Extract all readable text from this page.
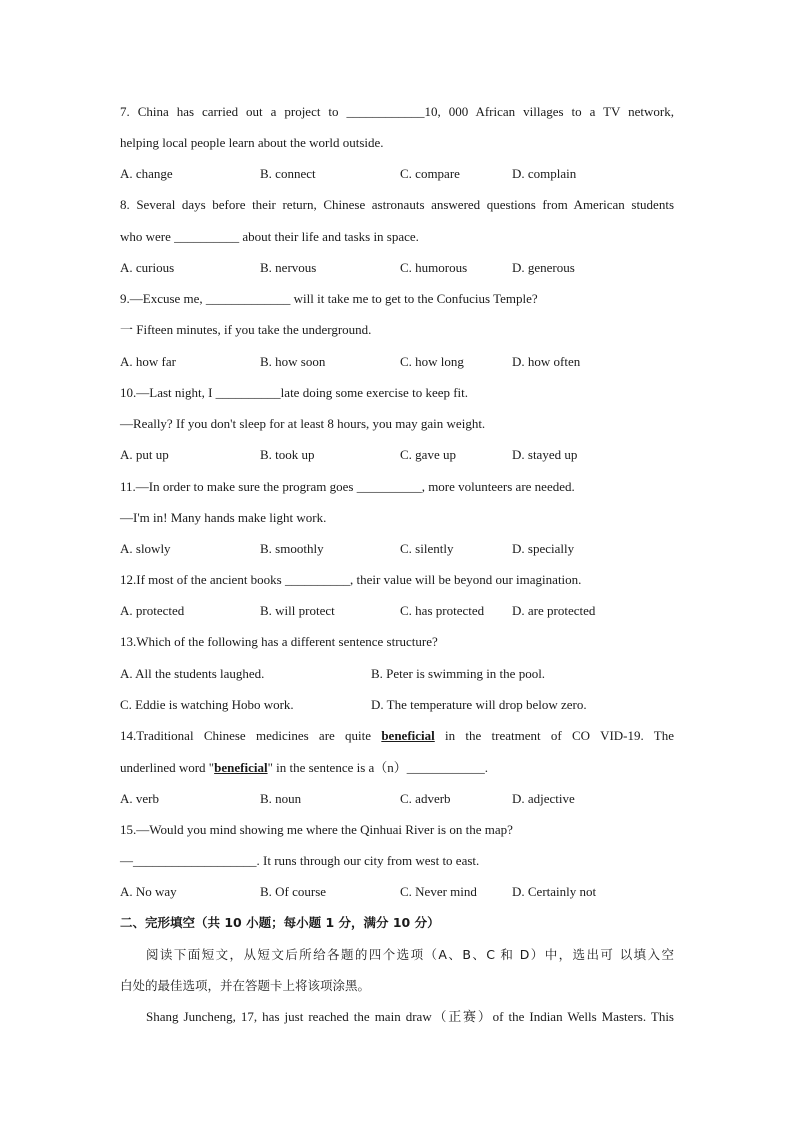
7. China has carried out a project to ____________10, 000 African villages to a TV network,
helping local people learn about the world outside.
A. change	B. connect	C. compare	D. complain
8. Several days before their return, Chinese astronauts answered questions from American students
who were __________ about their life and tasks in space.
A. curious	B. nervous	C. humorous	D. generous
9.—Excuse me, _____________ will it take me to get to the Confucius Temple?
一 Fifteen minutes, if you take the underground.
A. how far	B. how soon	C. how long	D. how often
10.—Last night, I __________late doing some exercise to keep fit.
—Really? If you don't sleep for at least 8 hours, you may gain weight.
A. put up	B. took up	C. gave up	D. stayed up
11.—In order to make sure the program goes __________, more volunteers are needed.
—I'm in! Many hands make light work.
A. slowly	B. smoothly	C. silently	D. specially
12.If most of the ancient books __________, their value will be beyond our imagination.
A. protected	B. will protect	C. has protected D. are protected
13.Which of the following has a different sentence structure?
A. All the students laughed.	B. Peter is swimming in the pool.
C. Eddie is watching Hobo work.	D. The temperature will drop below zero.
14.Traditional Chinese medicines are quite beneficial in the treatment of CO VID-19. The
underlined word "beneficial" in the sentence is a（n）____________.
A. verb	B. noun	C. adverb	D. adjective
15.—Would you mind showing me where the Qinhuai River is on the map?
—___________________. It runs through our city from west to east.
A. No way	B. Of course	C. Never mind	D. Certainly not
二、完形填空（共 10 小题；每小题 1 分，满分 10 分）
阅读下面短文，从短文后所给各题的四个选项（A、B、C 和 D）中，选出可 以填入空
白处的最佳选项，并在答题卡上将该项涂黑。
Shang Juncheng, 17, has just reached the main draw（正赛）of the Indian Wells Masters. This
